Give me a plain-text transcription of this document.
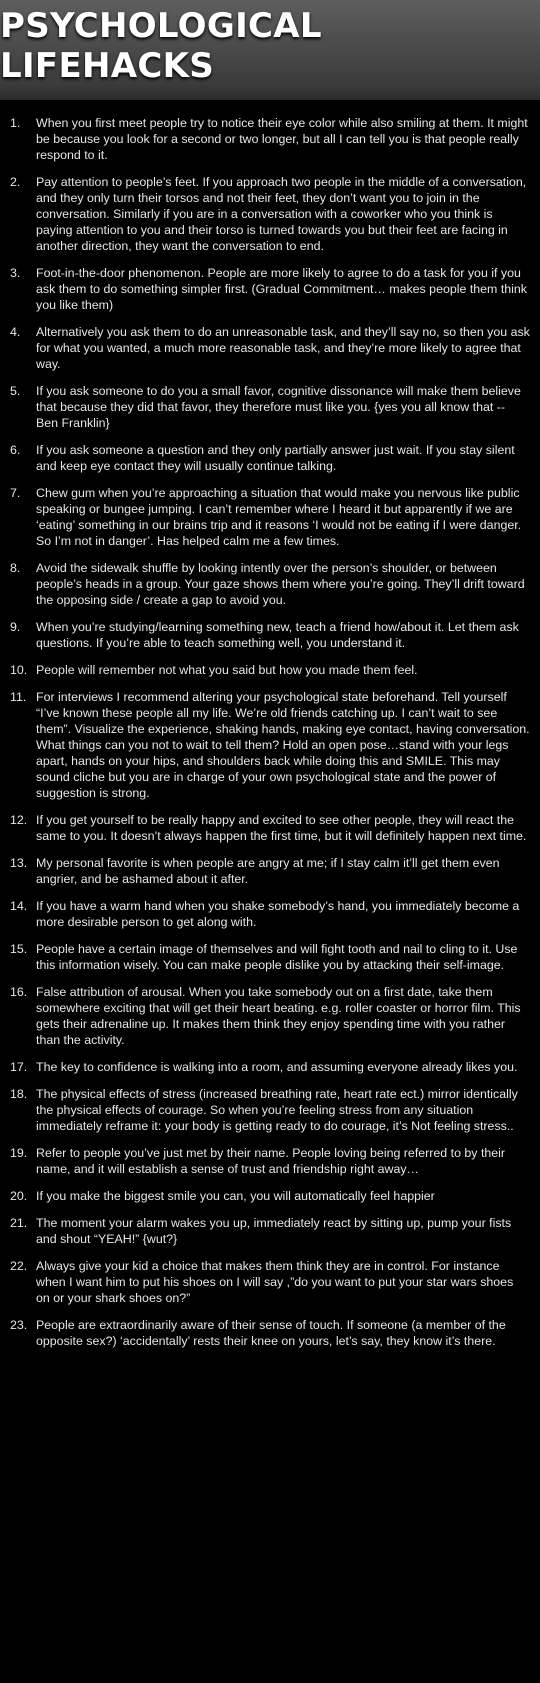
PSYCHOLOGICAL LIFEHACKS
1.	When you first meet people try to notice their eye color while also smiling at them. It might be because you look for a second or two longer, but all I can tell you is that people really respond to it.
2.	Pay attention to people’s feet. If you approach two people in the middle of a conversation, and they only turn their torsos and not their feet, they don’t want you to join in the conversation. Similarly if you are in a conversation with a coworker who you think is paying attention to you and their torso is turned towards you but their feet are facing in another direction, they want the conversation to end.
3.	Foot-in-the-door phenomenon. People are more likely to agree to do a task for you if you ask them to do something simpler first. (Gradual Commitment… makes people them think you like them)
4.	Alternatively you ask them to do an unreasonable task, and they’ll say no, so then you ask for what you wanted, a much more reasonable task, and they’re more likely to agree that way.
5.	If you ask someone to do you a small favor, cognitive dissonance will make them believe that because they did that favor, they therefore must like you. {yes you all know that -- Ben Franklin}
6.	If you ask someone a question and they only partially answer just wait. If you stay silent and keep eye contact they will usually continue talking.
7.	Chew gum when you’re approaching a situation that would make you nervous like public speaking or bungee jumping. I can’t remember where I heard it but apparently if we are ‘eating’ something in our brains trip and it reasons ‘I would not be eating if I were danger. So I’m not in danger’. Has helped calm me a few times.
8.	Avoid the sidewalk shuffle by looking intently over the person’s shoulder, or between people’s heads in a group. Your gaze shows them where you’re going. They’ll drift toward the opposing side / create a gap to avoid you.
9.	When you’re studying/learning something new, teach a friend how/about it. Let them ask questions. If you’re able to teach something well, you understand it.
10. People will remember not what you said but how you made them feel.
11. For interviews I recommend altering your psychological state beforehand. Tell yourself “I’ve known these people all my life. We’re old friends catching up. I can’t wait to see them”. Visualize the experience, shaking hands, making eye contact, having conversation. What things can you not to wait to tell them? Hold an open pose…stand with your legs apart, hands on your hips, and shoulders back while doing this and SMILE. This may sound cliche but you are in charge of your own psychological state and the power of suggestion is strong.
12. If you get yourself to be really happy and excited to see other people, they will react the same to you. It doesn’t always happen the first time, but it will definitely happen next time.
13. My personal favorite is when people are angry at me; if I stay calm it’ll get them even angrier, and be ashamed about it after.
14. If you have a warm hand when you shake somebody’s hand, you immediately become a more desirable person to get along with.
15. People have a certain image of themselves and will fight tooth and nail to cling to it. Use this information wisely. You can make people dislike you by attacking their self-image.
16. False attribution of arousal. When you take somebody out on a first date, take them somewhere exciting that will get their heart beating. e.g. roller coaster or horror film. This gets their adrenaline up. It makes them think they enjoy spending time with you rather than the activity.
17. The key to confidence is walking into a room, and assuming everyone already likes you.
18. The physical effects of stress (increased breathing rate, heart rate ect.) mirror identically the physical effects of courage. So when you’re feeling stress from any situation immediately reframe it: your body is getting ready to do courage, it’s Not feeling stress..
19. Refer to people you’ve just met by their name. People loving being referred to by their name, and it will establish a sense of trust and friendship right away…
20. If you make the biggest smile you can, you will automatically feel happier
21. The moment your alarm wakes you up, immediately react by sitting up, pump your fists and shout “YEAH!” {wut?}
22. Always give your kid a choice that makes them think they are in control. For instance when I want him to put his shoes on I will say ,”do you want to put your star wars shoes on or your shark shoes on?”
23. People are extraordinarily aware of their sense of touch. If someone (a member of the opposite sex?) ‘accidentally’ rests their knee on yours, let’s say, they know it’s there.
